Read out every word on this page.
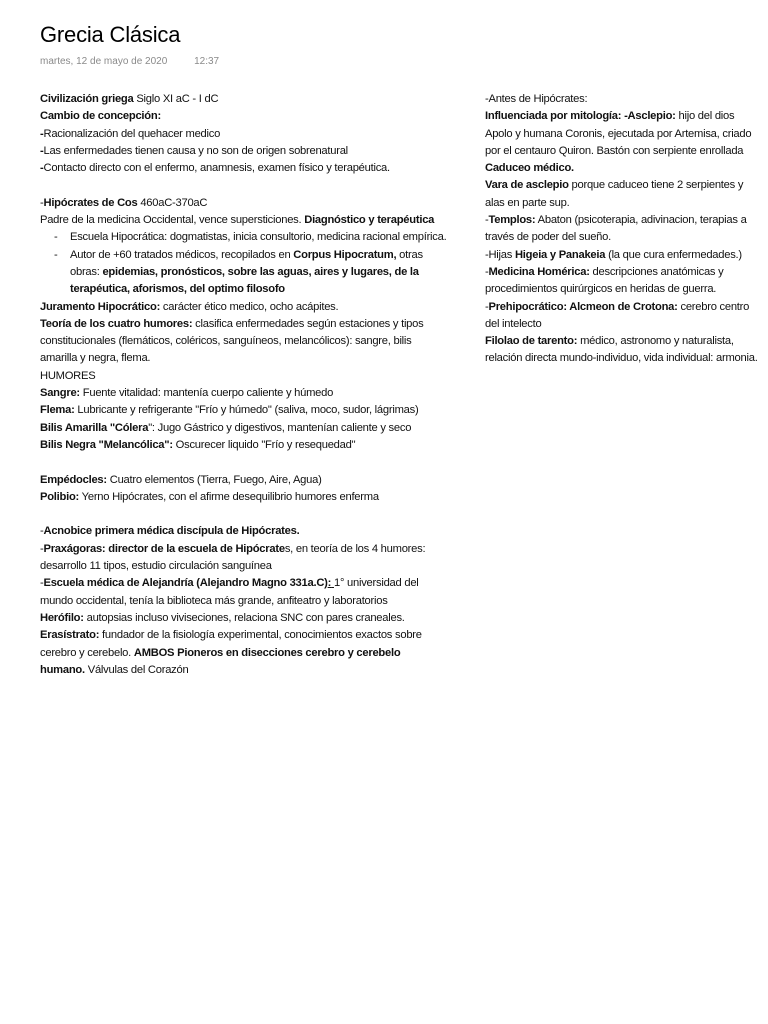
Grecia Clásica
martes, 12 de mayo de 2020	12:37

Civilización griega Siglo XI aC - I dC

Cambio de concepción:

-Racionalización del quehacer medico

-Las enfermedades tienen causa y no son de origen sobrenatural

-Contacto directo con el enfermo, anamnesis, examen físico y terapéutica.

-Hipócrates de Cos 460aC-370aC

Padre de la medicina Occidental, vence supersticiones. Diagnóstico y terapéutica

- Escuela Hipocrática: dogmatistas, inicia consultorio, medicina racional empírica.
- Autor de +60 tratados médicos, recopilados en Corpus Hipocratum, otras obras: epidemias, pronósticos, sobre las aguas, aires y lugares, de la terapéutica, aforismos, del optimo filosofo

Juramento Hipocrático: carácter ético medico, ocho acápites.

Teoría de los cuatro humores: clasifica enfermedades según estaciones y tipos constitucionales (flemáticos, coléricos, sanguíneos, melancólicos): sangre, bilis amarilla y negra, flema.

HUMORES

Sangre: Fuente vitalidad: mantenía cuerpo caliente y húmedo

Flema: Lubricante y refrigerante "Frío y húmedo" (saliva, moco, sudor, lágrimas)

Bilis Amarilla "Cólera": Jugo Gástrico y digestivos, mantenían caliente y seco

Bilis Negra "Melancólica": Oscurecer liquido "Frío y resequedad"

Empédocles: Cuatro elementos (Tierra, Fuego, Aire, Agua)

Polibio: Yerno Hipócrates, con el afirme desequilibrio humores enferma

-Acnobice primera médica discípula de Hipócrates.

-Praxágoras: director de la escuela de Hipócrates, en teoría de los 4 humores: desarrollo 11 tipos, estudio circulación sanguínea

-Escuela médica de Alejandría (Alejandro Magno 331a.C): 1° universidad del mundo occidental, tenía la biblioteca más grande, anfiteatro y laboratorios

Herófilo: autopsias incluso viviseciones, relaciona SNC con pares craneales.

Erasístrato: fundador de la fisiología experimental, conocimientos exactos sobre cerebro y cerebelo. AMBOS Pioneros en disecciones cerebro y cerebelo humano. Válvulas del Corazón

-Antes de Hipócrates:

Influenciada por mitología: -Asclepio: hijo del dios Apolo y humana Coronis, ejecutada por Artemisa, criado por el centauro Quiron. Bastón con serpiente enrollada Caduceo médico.

Vara de asclepio porque caduceo tiene 2 serpientes y alas en parte sup.

-Templos: Abaton (psicoterapia, adivinacion, terapias a través de poder del sueño.

-Hijas Higeia y Panakeia (la que cura enfermedades.)

-Medicina Homérica: descripciones anatómicas y procedimientos quirúrgicos en heridas de guerra.

-Prehipocrático: Alcmeon de Crotona: cerebro centro del intelecto

Filolao de tarento: médico, astronomo y naturalista, relación directa mundo-individuo, vida individual: armonia.
